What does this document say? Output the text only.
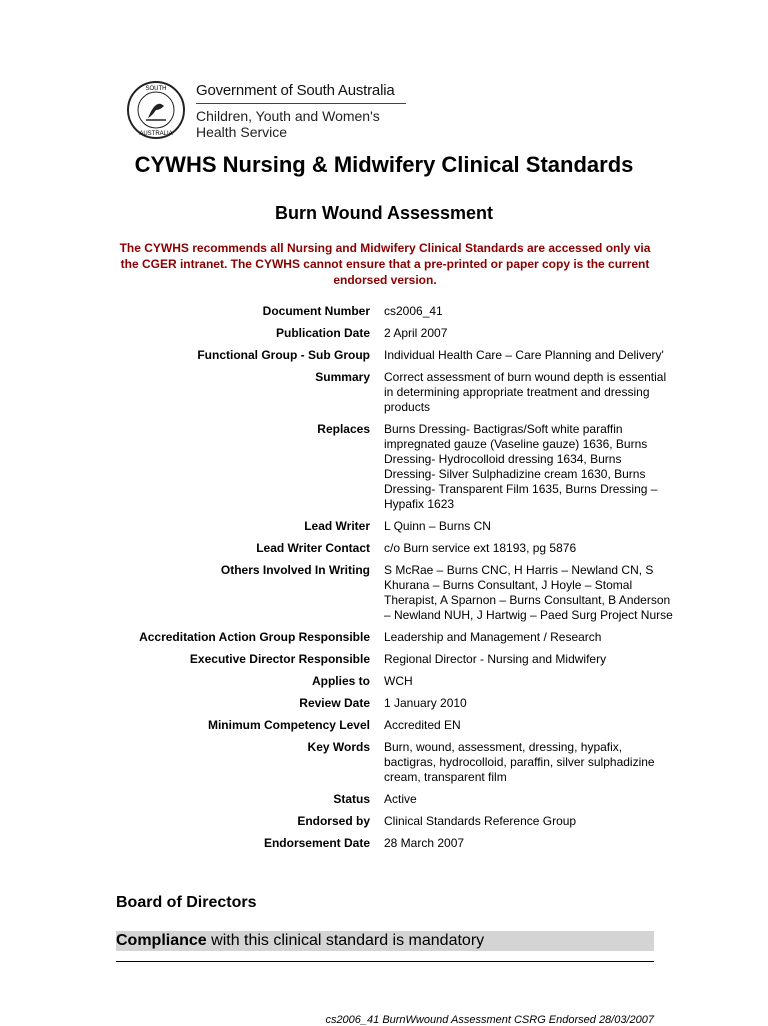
SOUTH
AUSTRALIA
Government of South Australia
Children, Youth and Women's
Health Service
CYWHS Nursing & Midwifery Clinical Standards
Burn Wound Assessment
The CYWHS recommends all Nursing and Midwifery Clinical Standards are accessed only via the CGER intranet. The CYWHS cannot ensure that a pre-printed or paper copy is the current endorsed version.
Document Number cs2006_41
Publication Date 2 April 2007
Functional Group - Sub Group Individual Health Care – Care Planning and Delivery'
Summary Correct assessment of burn wound depth is essential in determining appropriate treatment and dressing products
Replaces Burns Dressing- Bactigras/Soft white paraffin impregnated gauze (Vaseline gauze) 1636, Burns Dressing- Hydrocolloid dressing 1634, Burns Dressing- Silver Sulphadizine cream 1630, Burns Dressing- Transparent Film 1635, Burns Dressing –Hypafix 1623
Lead Writer L Quinn – Burns CN
Lead Writer Contact c/o Burn service ext 18193, pg 5876
Others Involved In Writing S McRae – Burns CNC, H Harris – Newland CN, S Khurana – Burns Consultant, J Hoyle – Stomal Therapist, A Sparnon – Burns Consultant, B Anderson – Newland NUH, J Hartwig – Paed Surg Project Nurse
Accreditation Action Group Responsible Leadership and Management / Research
Executive Director Responsible Regional Director - Nursing and Midwifery
Applies to WCH
Review Date 1 January 2010
Minimum Competency Level Accredited EN
Key Words Burn, wound, assessment, dressing, hypafix, bactigras, hydrocolloid, paraffin, silver sulphadizine cream, transparent film
Status Active
Endorsed by Clinical Standards Reference Group
Endorsement Date 28 March 2007
Board of Directors
Compliance with this clinical standard is mandatory
cs2006_41 BurnWwound Assessment CSRG Endorsed 28/03/2007
